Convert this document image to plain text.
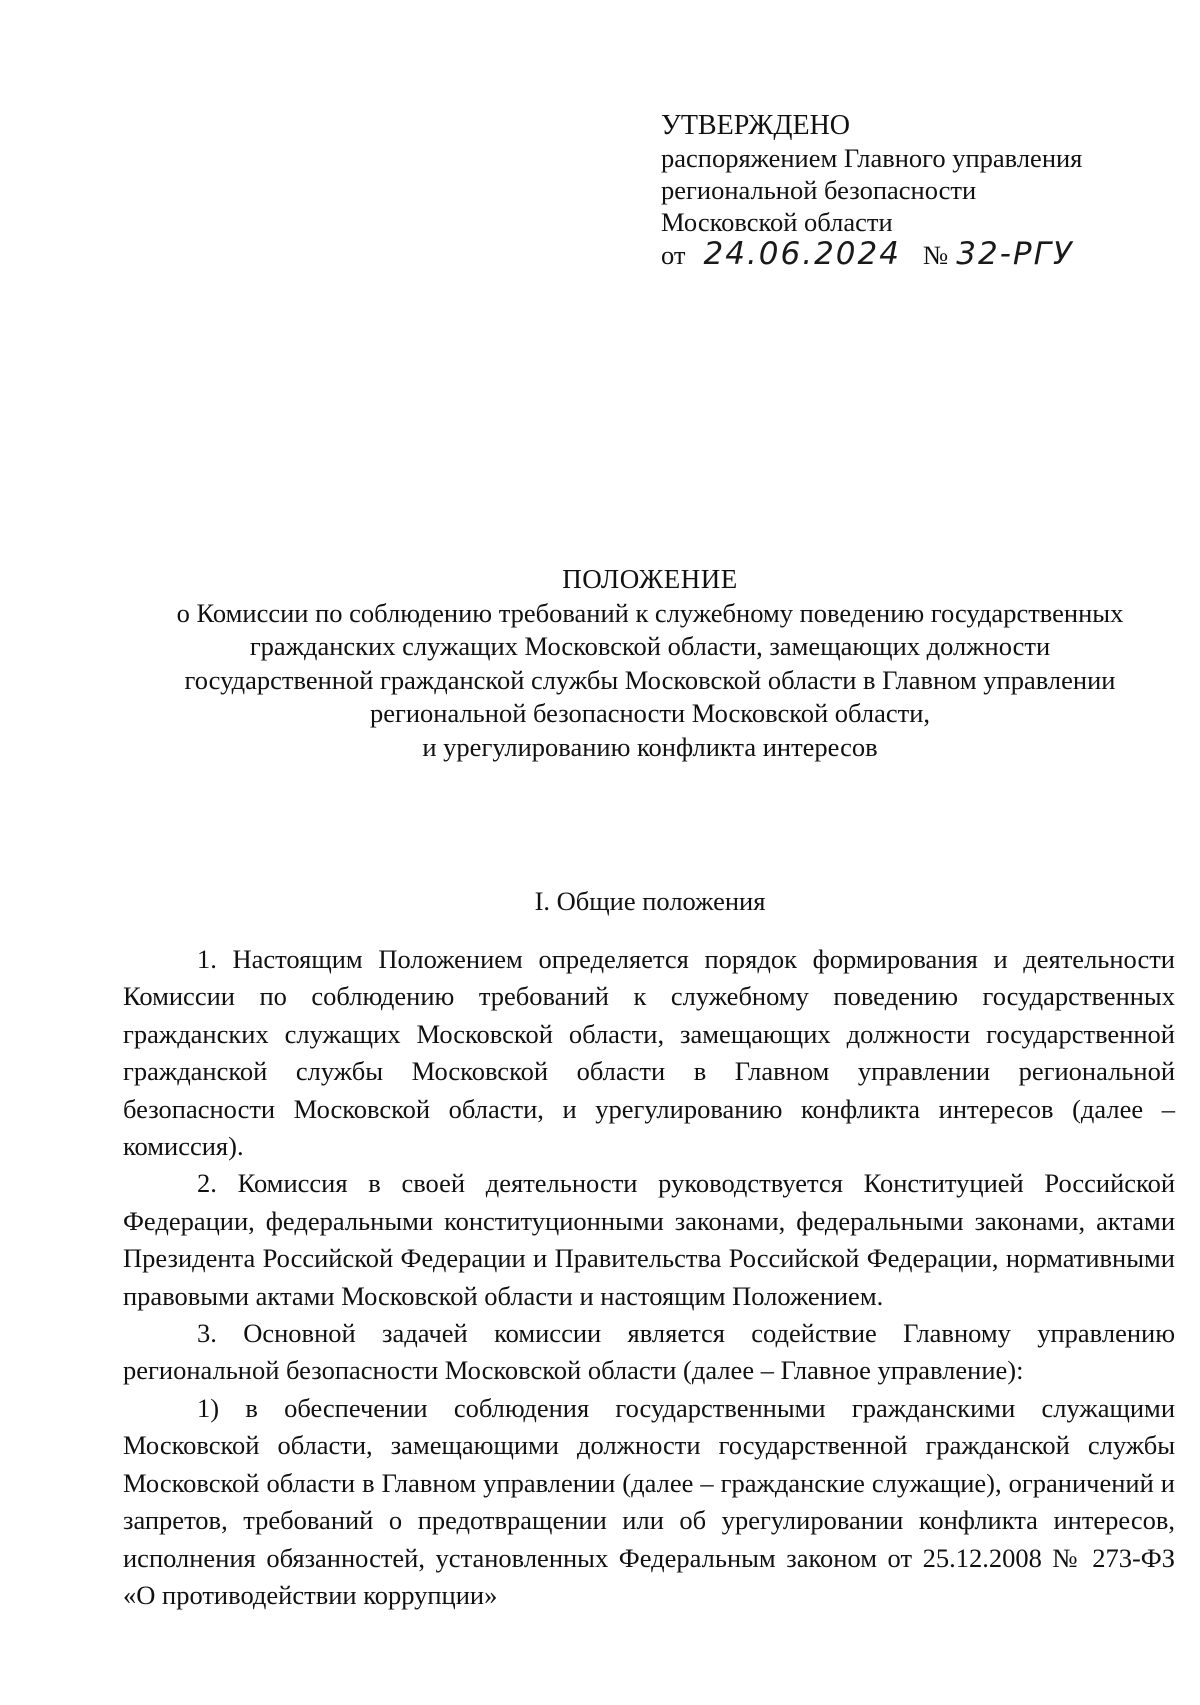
УТВЕРЖДЕНО
распоряжением Главного управления
региональной безопасности
Московской области
от 24.06.2024 № 32-РГУ
ПОЛОЖЕНИЕ
о Комиссии по соблюдению требований к служебному поведению государственных
гражданских служащих Московской области, замещающих должности
государственной гражданской службы Московской области в Главном управлении
региональной безопасности Московской области,
и урегулированию конфликта интересов
I. Общие положения

1. Настоящим Положением определяется порядок формирования и деятельности Комиссии по соблюдению требований к служебному поведению государственных гражданских служащих Московской области, замещающих должности государственной гражданской службы Московской области в Главном управлении региональной безопасности Московской области, и урегулированию конфликта интересов (далее – комиссия).

2. Комиссия в своей деятельности руководствуется Конституцией Российской Федерации, федеральными конституционными законами, федеральными законами, актами Президента Российской Федерации и Правительства Российской Федерации, нормативными правовыми актами Московской области и настоящим Положением.

3. Основной задачей комиссии является содействие Главному управлению региональной безопасности Московской области (далее – Главное управление):

1) в обеспечении соблюдения государственными гражданскими служащими Московской области, замещающими должности государственной гражданской службы Московской области в Главном управлении (далее – гражданские служащие), ограничений и запретов, требований о предотвращении или об урегулировании конфликта интересов, исполнения обязанностей, установленных Федеральным законом от 25.12.2008 № 273-ФЗ «О противодействии коррупции»
